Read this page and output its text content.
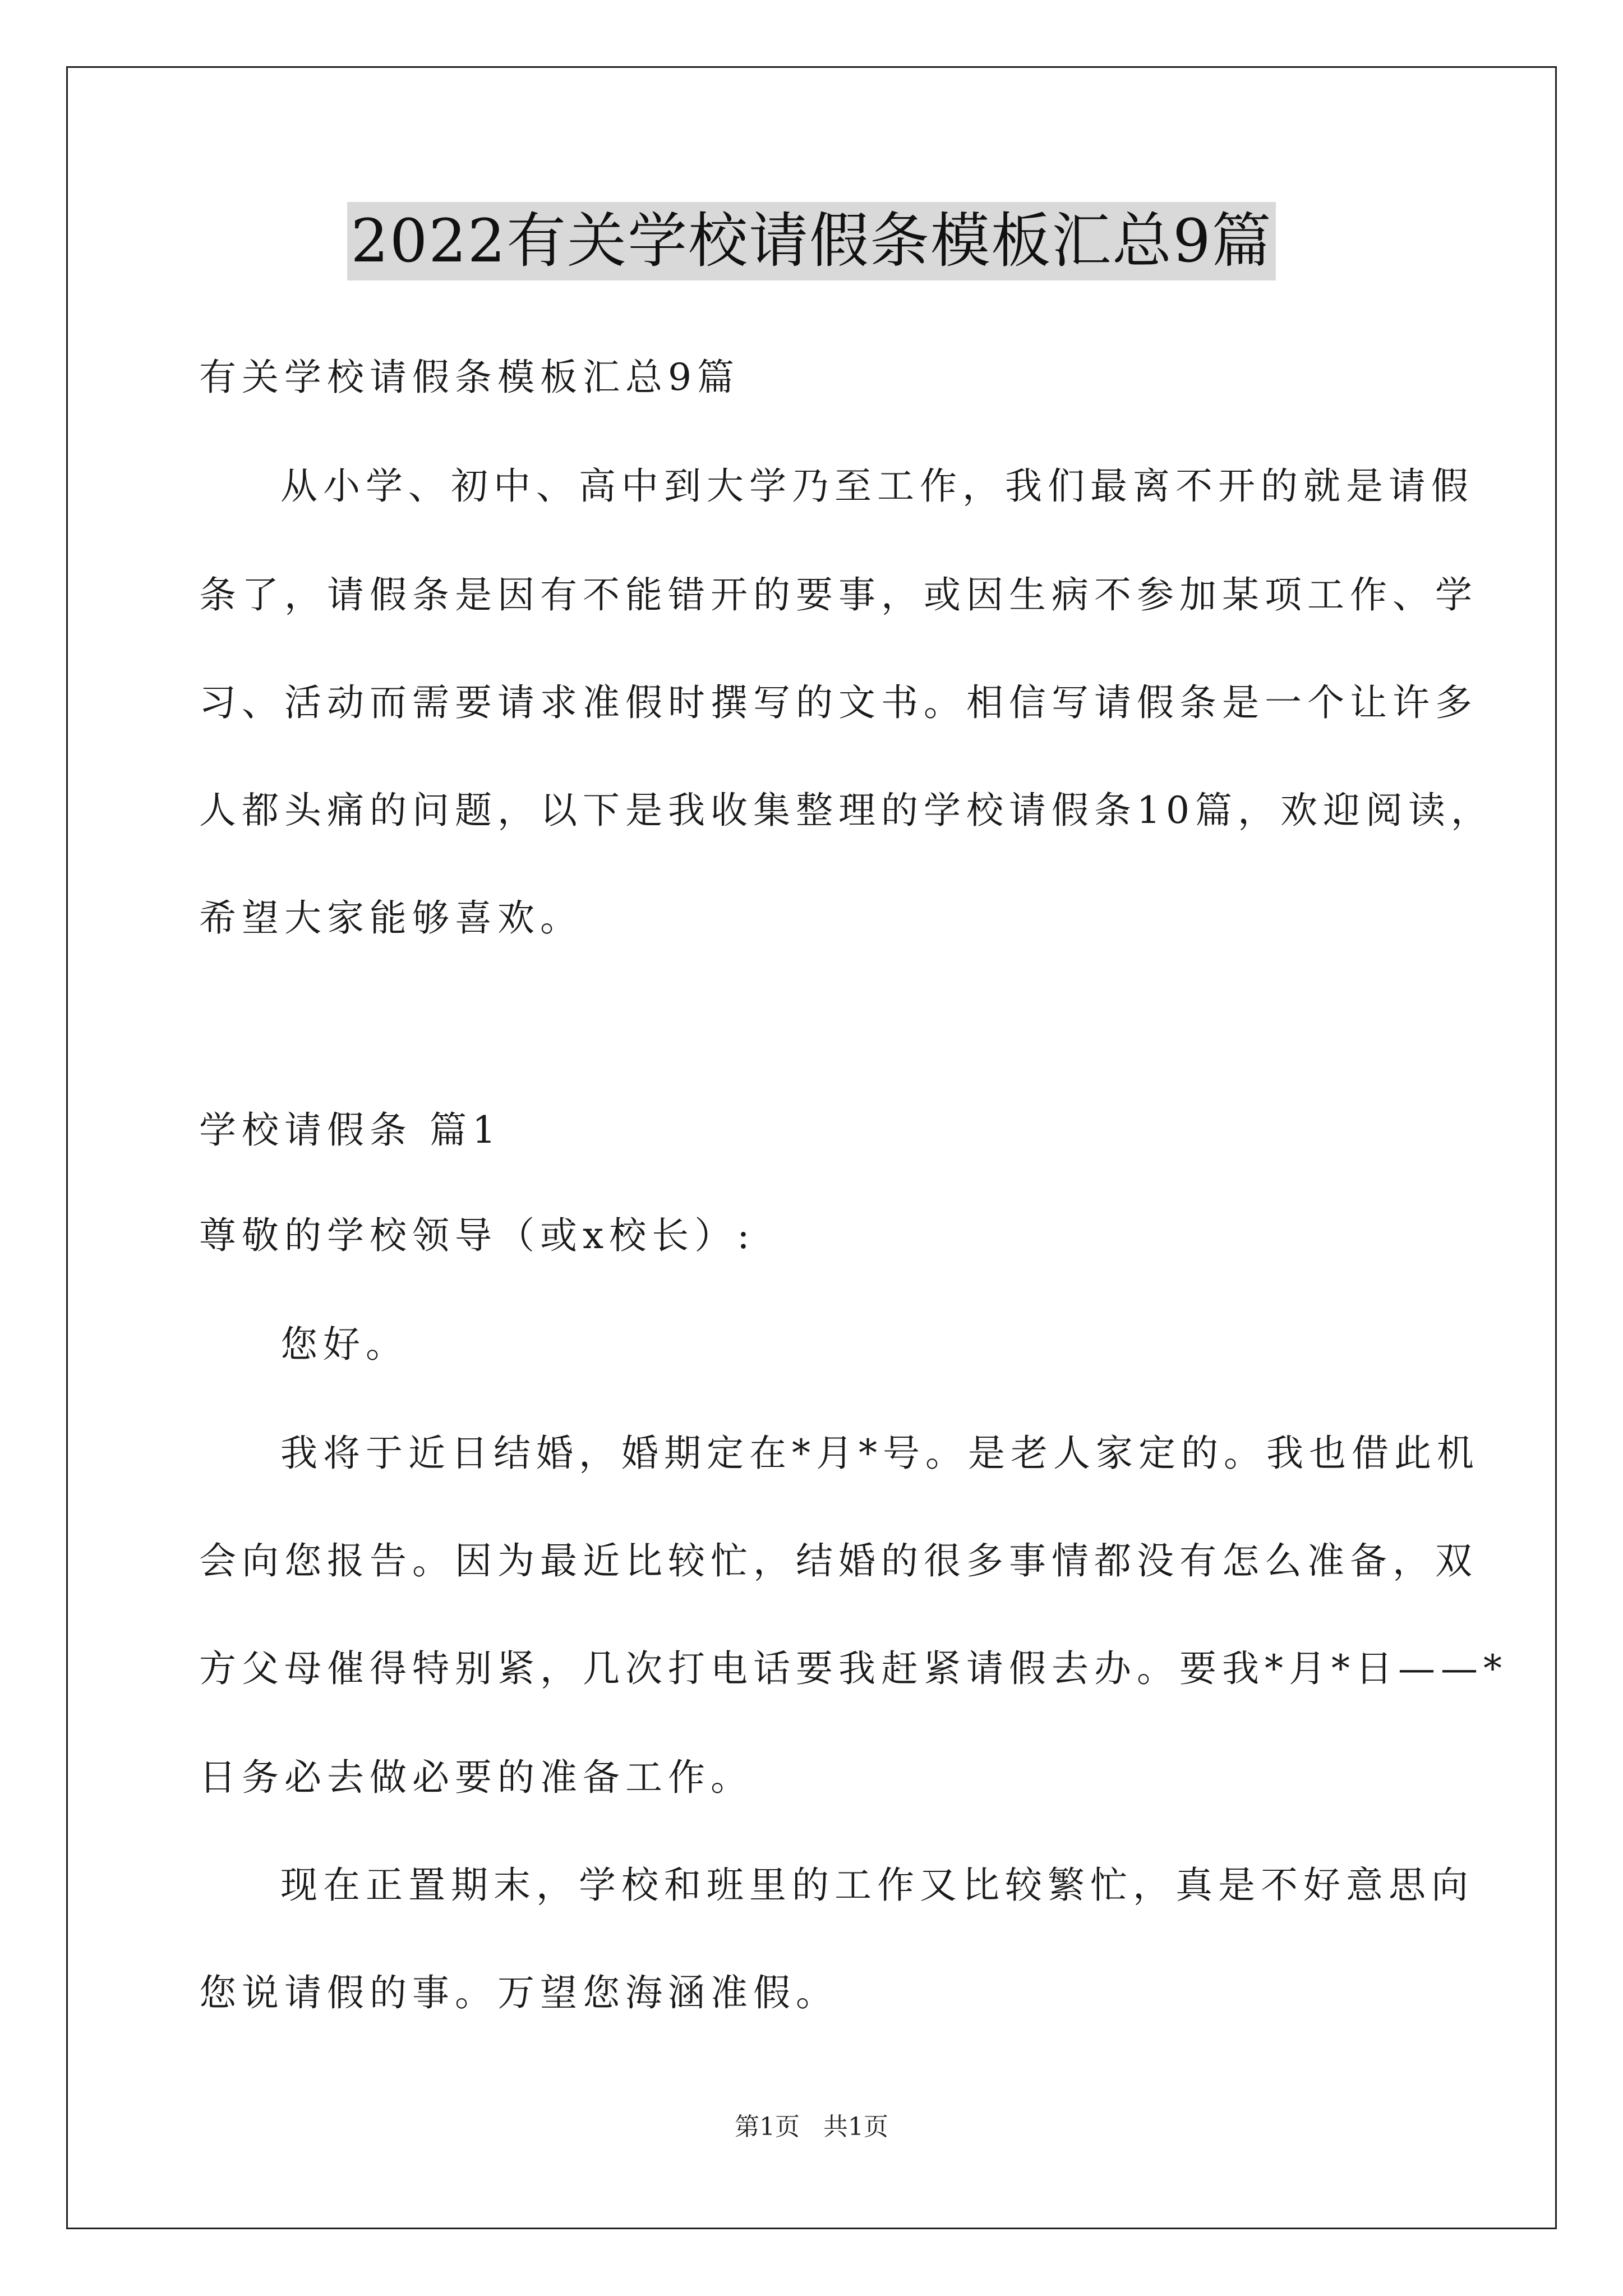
2022有关学校请假条模板汇总9篇
有关学校请假条模板汇总9篇
从小学、初中、高中到大学乃至工作，我们最离不开的就是请假
条了，请假条是因有不能错开的要事，或因生病不参加某项工作、学
习、活动而需要请求准假时撰写的文书。相信写请假条是一个让许多
人都头痛的问题，以下是我收集整理的学校请假条10篇，欢迎阅读，
希望大家能够喜欢。
学校请假条 篇1
尊敬的学校领导（或x校长）:
您好。
我将于近日结婚，婚期定在*月*号。是老人家定的。我也借此机
会向您报告。因为最近比较忙，结婚的很多事情都没有怎么准备，双
方父母催得特别紧，几次打电话要我赶紧请假去办。要我*月*日——*
日务必去做必要的准备工作。
现在正置期末，学校和班里的工作又比较繁忙，真是不好意思向
您说请假的事。万望您海涵准假。
第1页 共1页
